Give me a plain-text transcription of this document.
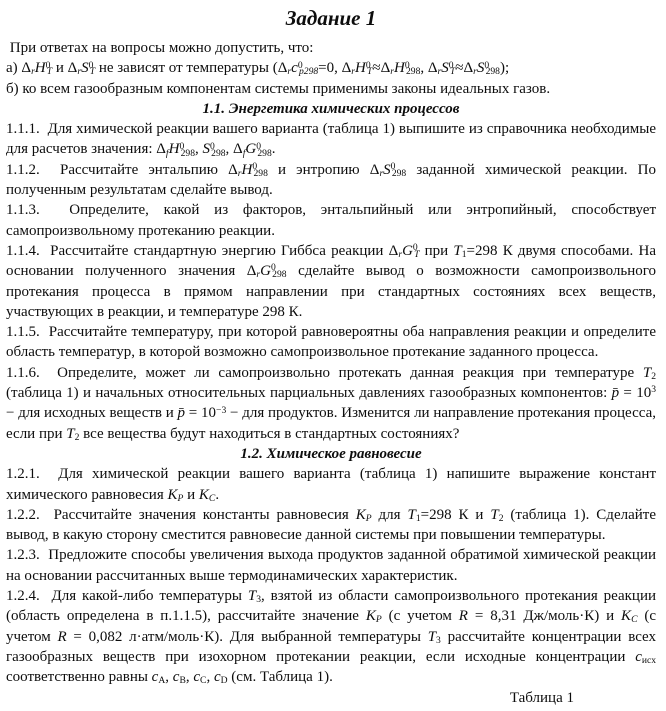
Задание 1

При ответах на вопросы можно допустить, что:

а) ΔrH0T и ΔrS0T не зависят от температуры (Δrc0p298=0, ΔrH0T≈ΔrH0298, ΔrS0T≈ΔrS0298);

б) ко всем газообразным компонентам системы применимы законы идеальных газов.

1.1. Энергетика химических процессов

1.1.1.  Для химической реакции вашего варианта (таблица 1) выпишите из справочника необходимые для расчетов значения: ΔfH0298, S0298, ΔfG0298.

1.1.2.  Рассчитайте энтальпию ΔrH0298 и энтропию ΔrS0298 заданной химической реакции. По полученным результатам сделайте вывод.

1.1.3.  Определите, какой из факторов, энтальпийный или энтропийный, способствует самопроизвольному протеканию реакции.

1.1.4.  Рассчитайте стандартную энергию Гиббса реакции ΔrG0T при T1=298 К двумя способами. На основании полученного значения ΔrG0298 сделайте вывод о возможности самопроизвольного протекания процесса в прямом направлении при стандартных состояниях всех веществ, участвующих в реакции, и температуре 298 К.

1.1.5.  Рассчитайте температуру, при которой равновероятны оба направления реакции и определите область температур, в которой возможно самопроизвольное протекание заданного процесса.

1.1.6.  Определите, может ли самопроизвольно протекать данная реакция при температуре T2 (таблица 1) и начальных относительных парциальных давлениях газообразных компонентов: p̄ = 103 − для исходных веществ и p̄ = 10−3 − для продуктов. Изменится ли направление протекания процесса, если при T2 все вещества будут находиться в стандартных состояниях?

1.2. Химическое равновесие

1.2.1.  Для химической реакции вашего варианта (таблица 1) напишите выражение констант химического равновесия KP и KC.

1.2.2.  Рассчитайте значения константы равновесия KP для T1=298 К и T2 (таблица 1). Сделайте вывод, в какую сторону сместится равновесие данной системы при повышении температуры.

1.2.3.  Предложите способы увеличения выхода продуктов заданной обратимой химической реакции на основании рассчитанных выше термодинамических характеристик.

1.2.4.  Для какой-либо температуры T3, взятой из области самопроизвольного протекания реакции (область определена в п.1.1.5), рассчитайте значение KP (с учетом R = 8,31 Дж/моль·К) и KC (с учетом R = 0,082 л·атм/моль·К). Для выбранной температуры T3 рассчитайте концентрации всех газообразных веществ при изохорном протекании реакции, если исходные концентрации cисх соответственно равны cA, cB, cC, cD (см. Таблица 1).

Таблица 1
